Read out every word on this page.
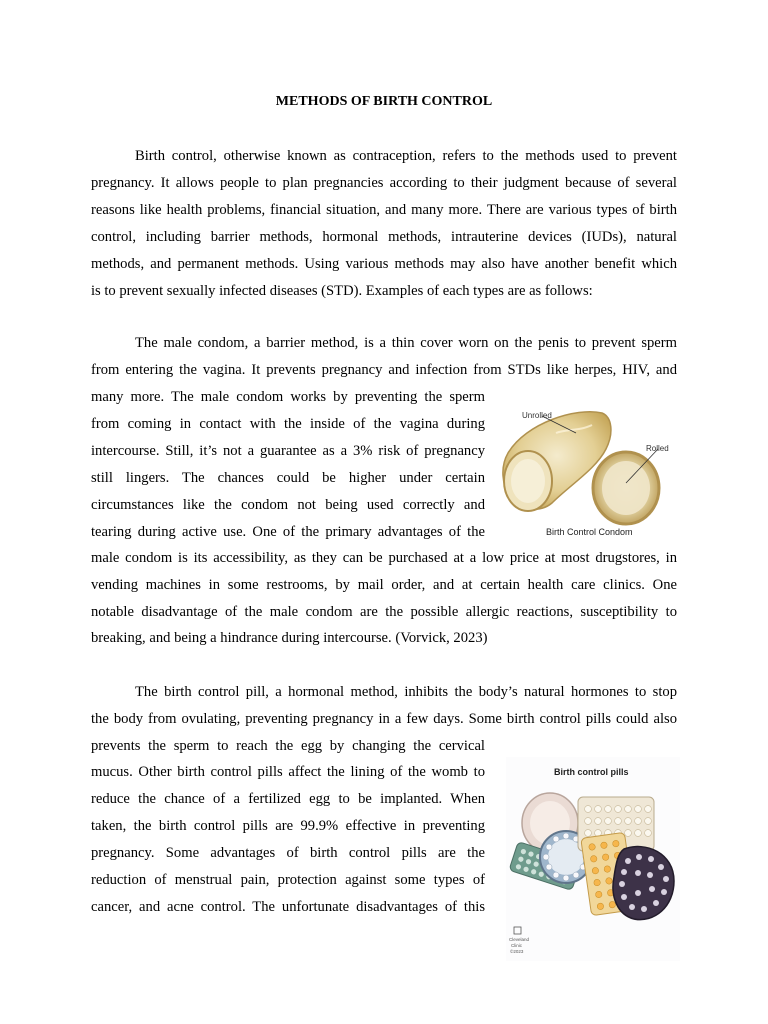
METHODS OF BIRTH CONTROL
Birth control, otherwise known as contraception, refers to the methods used to prevent
pregnancy. It allows people to plan pregnancies according to their judgment because of several
reasons like health problems, financial situation, and many more. There are various types of birth
control, including barrier methods, hormonal methods, intrauterine devices (IUDs), natural
methods, and permanent methods. Using various methods may also have another benefit which
is to prevent sexually infected diseases (STD). Examples of each types are as follows:
The male condom, a barrier method, is a thin cover worn on the penis to prevent sperm
from entering the vagina. It prevents pregnancy and infection from STDs like herpes, HIV, and
many more. The male condom works by preventing the sperm
from coming in contact with the inside of the vagina during
intercourse. Still, it’s not a guarantee as a 3% risk of pregnancy
still lingers. The chances could be higher under certain
circumstances like the condom not being used correctly and
tearing during active use. One of the primary advantages of the
male condom is its accessibility, as they can be purchased at a low price at most drugstores, in
vending machines in some restrooms, by mail order, and at certain health care clinics. One
notable disadvantage of the male condom are the possible allergic reactions, susceptibility to
breaking, and being a hindrance during intercourse. (Vorvick, 2023)
The birth control pill, a hormonal method, inhibits the body’s natural hormones to stop
the body from ovulating, preventing pregnancy in a few days. Some birth control pills could also
prevents the sperm to reach the egg by changing the cervical
mucus. Other birth control pills affect the lining of the womb to
reduce the chance of a fertilized egg to be implanted. When
taken, the birth control pills are 99.9% effective in preventing
pregnancy. Some advantages of birth control pills are the
reduction of menstrual pain, protection against some types of
cancer, and acne control. The unfortunate disadvantages of this
Unrolled
Rolled
Birth Control Condom
Birth control pills
Cleveland
Clinic
©2023
